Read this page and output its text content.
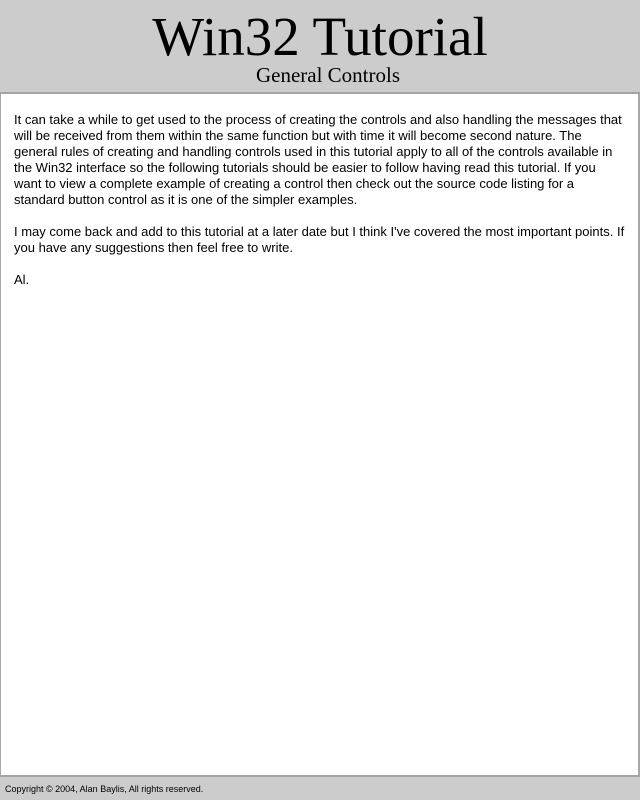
Win32 Tutorial
General Controls

It can take a while to get used to the process of creating the controls and also handling the messages that will be received from them within the same function but with time it will become second nature. The general rules of creating and handling controls used in this tutorial apply to all of the controls available in the Win32 interface so the following tutorials should be easier to follow having read this tutorial. If you want to view a complete example of creating a control then check out the source code listing for a standard button control as it is one of the simpler examples.

I may come back and add to this tutorial at a later date but I think I've covered the most important points. If you have any suggestions then feel free to write.

Al.

Copyright © 2004, Alan Baylis, All rights reserved.
